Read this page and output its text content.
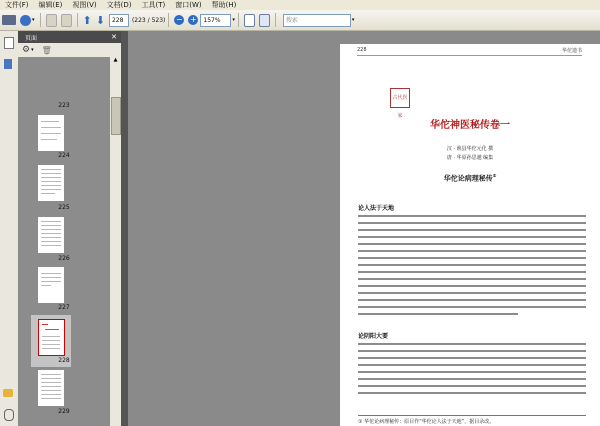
文件(F)	编辑(E)	视图(V)	文档(D)	工具(T)	窗口(W)	帮助(H)
▾	⬆ ⬇	228	(223 / 523) − +	157%	▾	搜索	▾
页面	✕
⚙ ▾ 🗑
223
224
225
226
227
228
229
▲
228	华佗遗书
古代医家
华佗神医秘传卷一
汉 · 谯县华佗元化 撰
唐 · 华原孙思邈 编集
华佗论病理秘传①
论人法于天地
论阴阳大要
① 华佗论病理秘传：原目作“华佗论人法于天地”，据目录改。
